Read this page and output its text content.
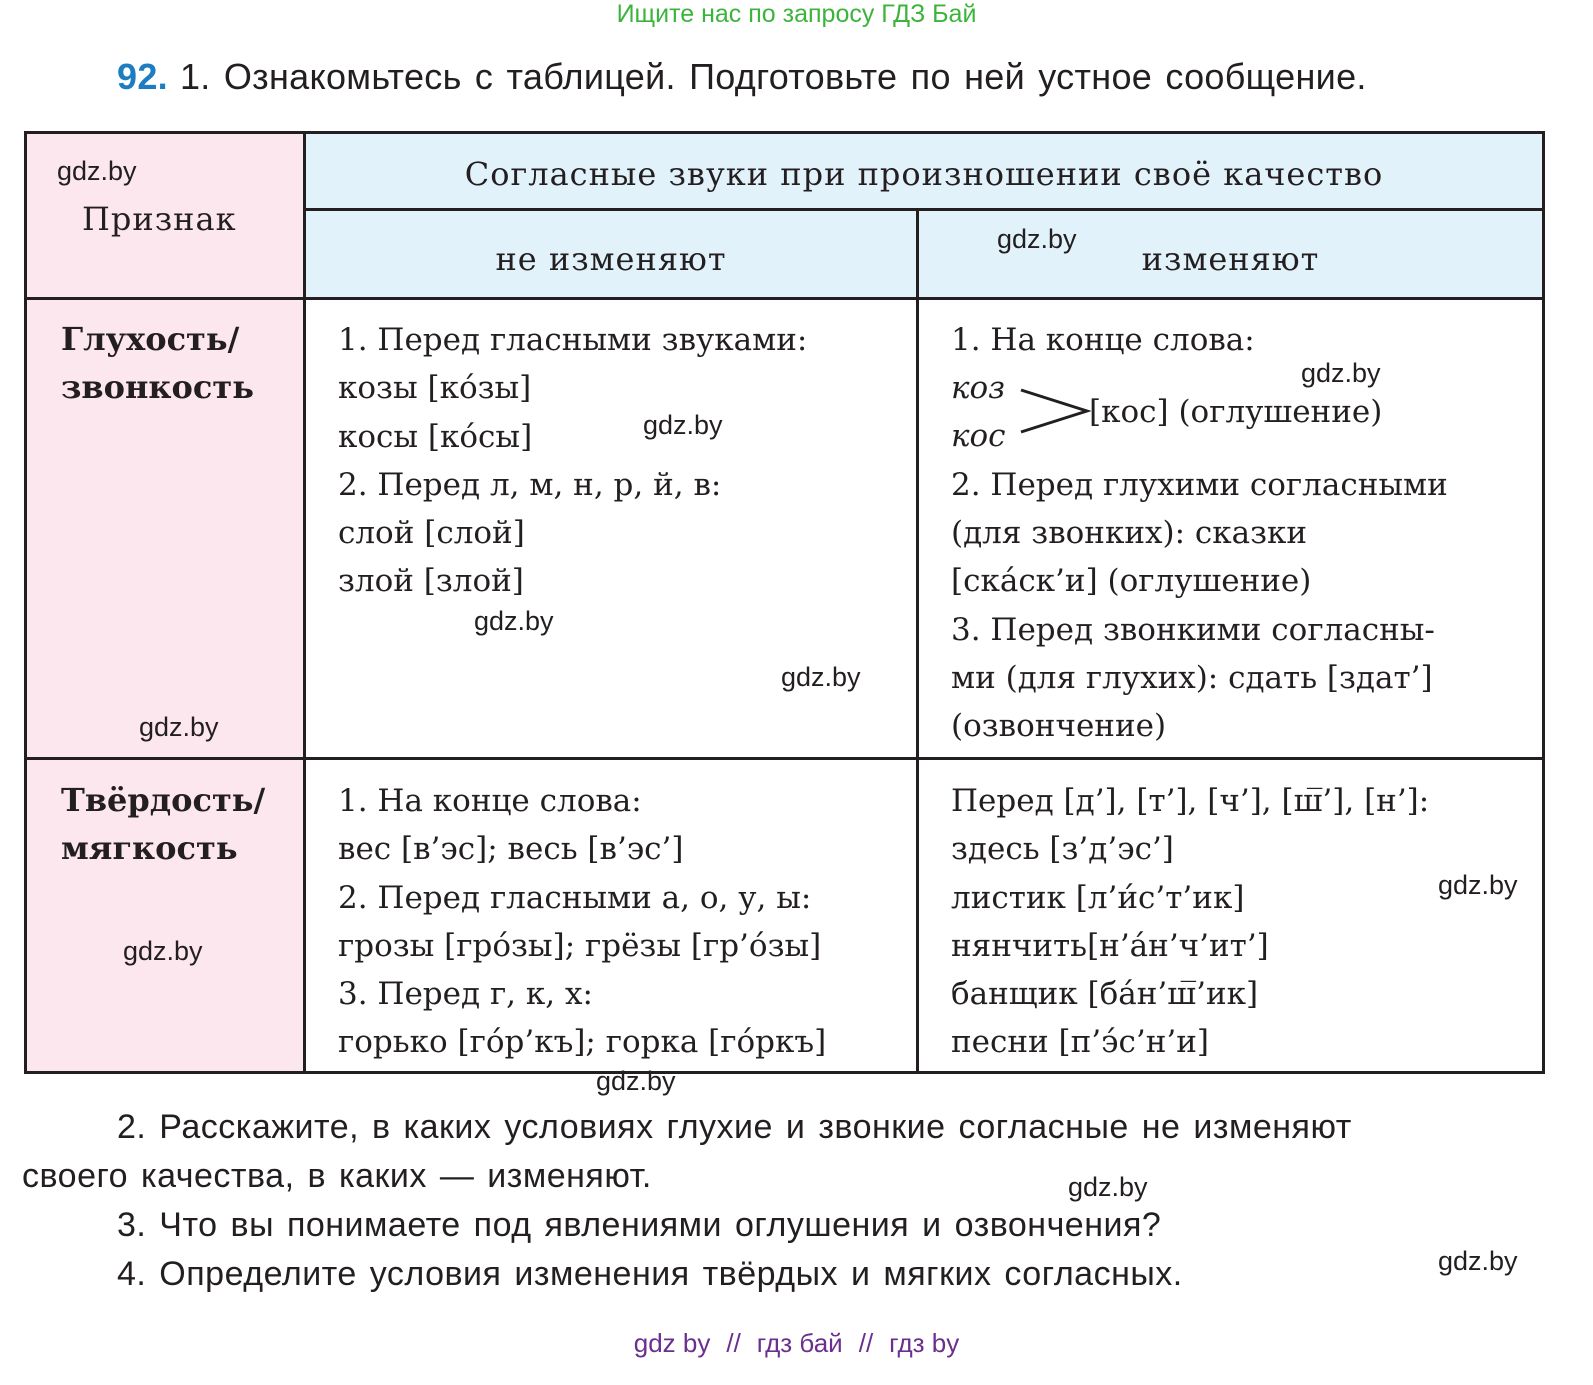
Ищите нас по запросу ГДЗ Бай
92. 1. Ознакомьтесь с таблицей. Подготовьте по ней устное сообщение.
Признак
Согласные звуки при произношении своё качество
не изменяют	изменяют
Глухость/
звонкость
1. Перед гласными звуками:
козы [ко́зы]
косы [ко́сы]
2. Перед л, м, н, р, й, в:
слой [слой]
злой [злой]
1. На конце слова:
коз
кос
[кос] (оглушение)
2. Перед глухими согласными
(для звонких): сказки
[ска́ск’и] (оглушение)
3. Перед звонкими согласны-
ми (для глухих): сдать [здат’]
(озвончение)
Твёрдость/
мягкость
1. На конце слова:
вес [в’эс]; весь [в’эс’]
2. Перед гласными а, о, у, ы:
грозы [гро́зы]; грёзы [гр’о́зы]
3. Перед г, к, х:
горько [го́р’къ]; горка [го́ркъ]
Перед [д’], [т’], [ч’], [ш̅’], [н’]:
здесь [з’д’эс’]
листик [л’и́с’т’ик]
нянчить[н’а́н’ч’ит’]
банщик [ба́н’ш̅’ик]
песни [п’э́с’н’и]
gdz.by
gdz.by
gdz.by
gdz.by
gdz.by
gdz.by
gdz.by
gdz.by
gdz.by
gdz.by
gdz.by
gdz.by
2. Расскажите, в каких условиях глухие и звонкие согласные не изменяют
своего качества, в каких — изменяют.
3. Что вы понимаете под явлениями оглушения и озвончения?
4. Определите условия изменения твёрдых и мягких согласных.
gdz by // гдз бай // гдз by
